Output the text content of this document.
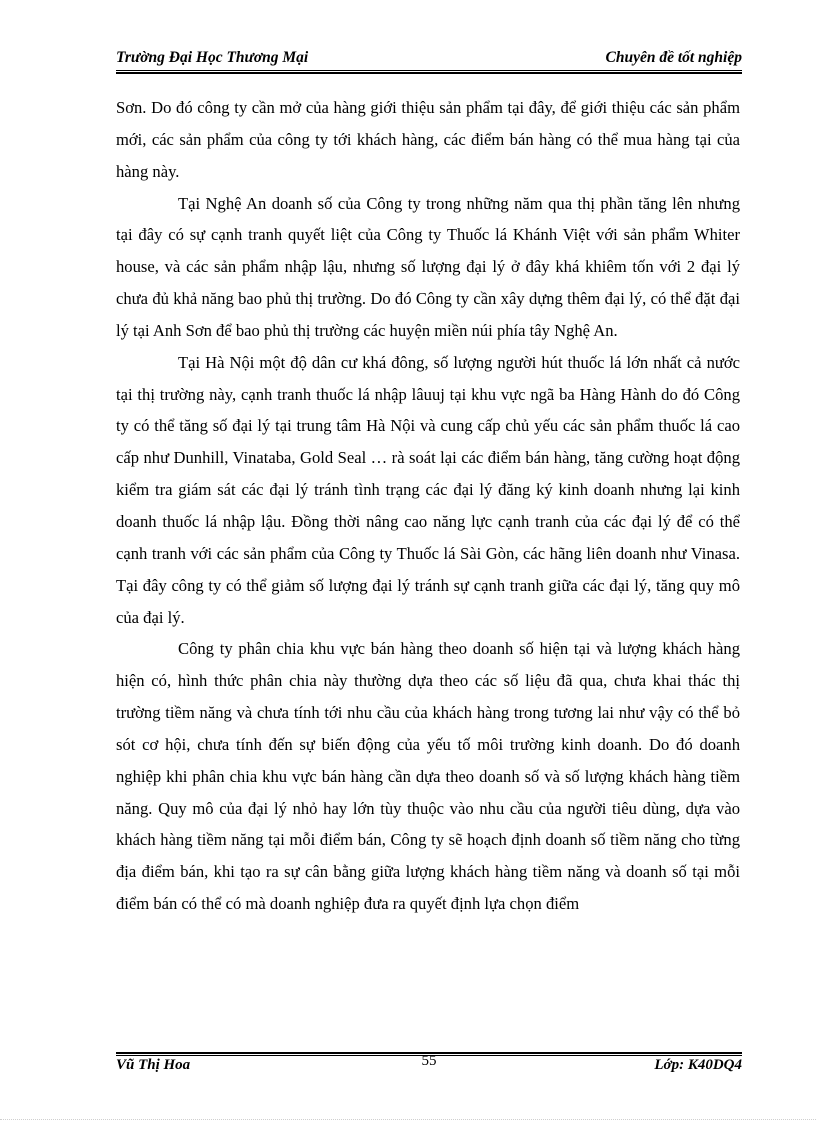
Trường Đại Học Thương Mại	Chuyên đề tốt nghiệp

Sơn. Do đó công ty cần mở của hàng giới thiệu sản phẩm tại đây, để giới thiệu các sản phẩm mới, các sản phẩm của công ty tới khách hàng, các điểm bán hàng có thể mua hàng tại của hàng này.

Tại Nghệ An doanh số của Công ty trong những năm qua thị phần tăng lên nhưng tại đây có sự cạnh tranh quyết liệt của Công ty Thuốc lá Khánh Việt với sản phẩm Whiter house, và các sản phẩm nhập lậu, nhưng số lượng đại lý ở đây khá khiêm tốn với 2 đại lý chưa đủ khả năng bao phủ thị trường. Do đó Công ty cần xây dựng thêm đại lý, có thể đặt đại lý tại Anh Sơn để bao phủ thị trường các huyện miền núi phía tây Nghệ An.

Tại Hà Nội một độ dân cư khá đông, số lượng người hút thuốc lá lớn nhất cả nước tại thị trường này, cạnh tranh thuốc lá nhập lâuuj tại khu vực ngã ba Hàng Hành do đó Công ty có thể tăng số đại lý tại trung tâm Hà Nội và cung cấp chủ yếu các sản phẩm thuốc lá cao cấp như Dunhill, Vinataba, Gold Seal … rà soát lại các điểm bán hàng, tăng cường hoạt động kiểm tra giám sát các đại lý tránh tình trạng các đại lý đăng ký kinh doanh nhưng lại kinh doanh thuốc lá nhập lậu. Đồng thời nâng cao năng lực cạnh tranh của các đại lý để có thể cạnh tranh với các sản phẩm của Công ty Thuốc lá Sài Gòn, các hãng liên doanh như Vinasa. Tại đây công ty có thể giảm số lượng đại lý tránh sự cạnh tranh giữa các đại lý, tăng quy mô của đại lý.

Công ty phân chia khu vực bán hàng theo doanh số hiện tại và lượng khách hàng hiện có, hình thức phân chia này thường dựa theo các số liệu đã qua, chưa khai thác thị trường tiềm năng và chưa tính tới nhu cầu của khách hàng trong tương lai như vậy có thể bỏ sót cơ hội, chưa tính đến sự biến động của yếu tố môi trường kinh doanh. Do đó doanh nghiệp khi phân chia khu vực bán hàng cần dựa theo doanh số và số lượng khách hàng tiềm năng. Quy mô của đại lý nhỏ hay lớn tùy thuộc vào nhu cầu của người tiêu dùng, dựa vào khách hàng tiềm năng tại mỗi điểm bán, Công ty sẽ hoạch định doanh số tiềm năng cho từng địa điểm bán, khi tạo ra sự cân bằng giữa lượng khách hàng tiềm năng và doanh số tại mỗi điểm bán có thể có mà doanh nghiệp đưa ra quyết định lựa chọn điểm

Vũ Thị Hoa	55	Lớp: K40DQ4
